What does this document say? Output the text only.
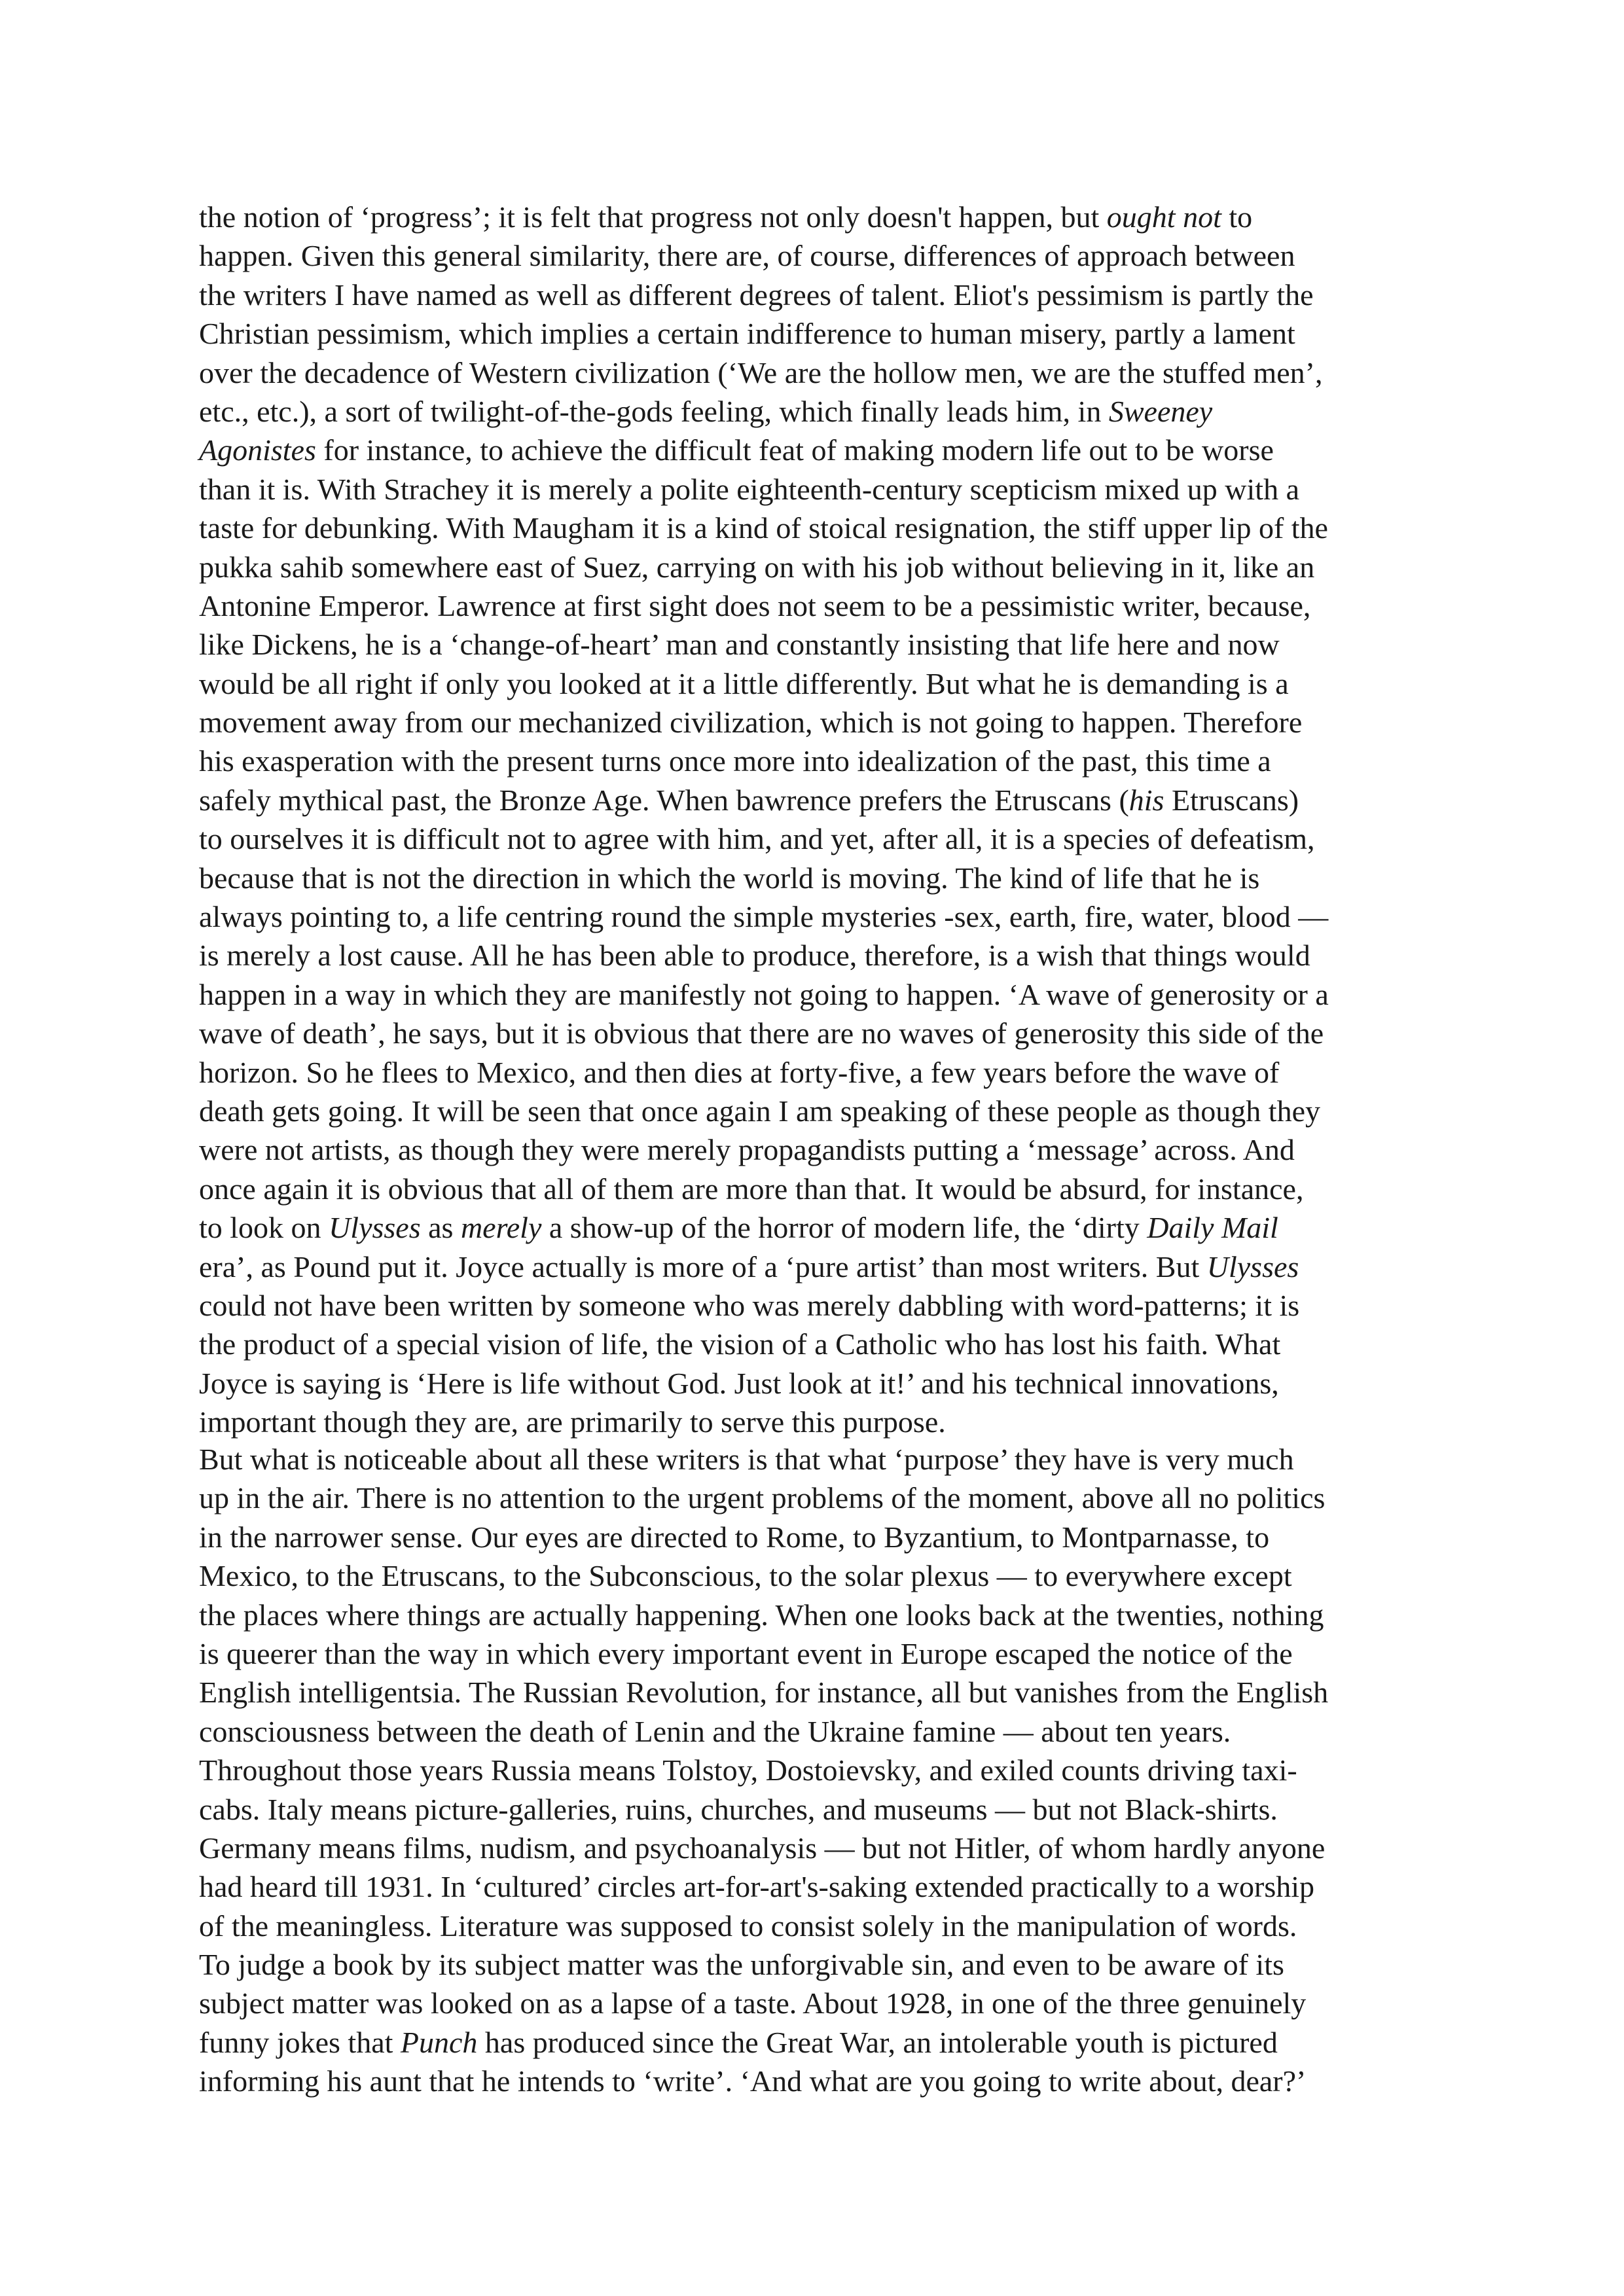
the notion of ‘progress’; it is felt that progress not only doesn't happen, but ought not to
happen. Given this general similarity, there are, of course, differences of approach between
the writers I have named as well as different degrees of talent. Eliot's pessimism is partly the
Christian pessimism, which implies a certain indifference to human misery, partly a lament
over the decadence of Western civilization (‘We are the hollow men, we are the stuffed men’,
etc., etc.), a sort of twilight-of-the-gods feeling, which finally leads him, in Sweeney
Agonistes for instance, to achieve the difficult feat of making modern life out to be worse
than it is. With Strachey it is merely a polite eighteenth-century scepticism mixed up with a
taste for debunking. With Maugham it is a kind of stoical resignation, the stiff upper lip of the
pukka sahib somewhere east of Suez, carrying on with his job without believing in it, like an
Antonine Emperor. Lawrence at first sight does not seem to be a pessimistic writer, because,
like Dickens, he is a ‘change-of-heart’ man and constantly insisting that life here and now
would be all right if only you looked at it a little differently. But what he is demanding is a
movement away from our mechanized civilization, which is not going to happen. Therefore
his exasperation with the present turns once more into idealization of the past, this time a
safely mythical past, the Bronze Age. When bawrence prefers the Etruscans (his Etruscans)
to ourselves it is difficult not to agree with him, and yet, after all, it is a species of defeatism,
because that is not the direction in which the world is moving. The kind of life that he is
always pointing to, a life centring round the simple mysteries -sex, earth, fire, water, blood —
is merely a lost cause. All he has been able to produce, therefore, is a wish that things would
happen in a way in which they are manifestly not going to happen. ‘A wave of generosity or a
wave of death’, he says, but it is obvious that there are no waves of generosity this side of the
horizon. So he flees to Mexico, and then dies at forty-five, a few years before the wave of
death gets going. It will be seen that once again I am speaking of these people as though they
were not artists, as though they were merely propagandists putting a ‘message’ across. And
once again it is obvious that all of them are more than that. It would be absurd, for instance,
to look on Ulysses as merely a show-up of the horror of modern life, the ‘dirty Daily Mail
era’, as Pound put it. Joyce actually is more of a ‘pure artist’ than most writers. But Ulysses
could not have been written by someone who was merely dabbling with word-patterns; it is
the product of a special vision of life, the vision of a Catholic who has lost his faith. What
Joyce is saying is ‘Here is life without God. Just look at it!’ and his technical innovations,
important though they are, are primarily to serve this purpose.
But what is noticeable about all these writers is that what ‘purpose’ they have is very much
up in the air. There is no attention to the urgent problems of the moment, above all no politics
in the narrower sense. Our eyes are directed to Rome, to Byzantium, to Montparnasse, to
Mexico, to the Etruscans, to the Subconscious, to the solar plexus — to everywhere except
the places where things are actually happening. When one looks back at the twenties, nothing
is queerer than the way in which every important event in Europe escaped the notice of the
English intelligentsia. The Russian Revolution, for instance, all but vanishes from the English
consciousness between the death of Lenin and the Ukraine famine — about ten years.
Throughout those years Russia means Tolstoy, Dostoievsky, and exiled counts driving taxi-
cabs. Italy means picture-galleries, ruins, churches, and museums — but not Black-shirts.
Germany means films, nudism, and psychoanalysis — but not Hitler, of whom hardly anyone
had heard till 1931. In ‘cultured’ circles art-for-art's-saking extended practically to a worship
of the meaningless. Literature was supposed to consist solely in the manipulation of words.
To judge a book by its subject matter was the unforgivable sin, and even to be aware of its
subject matter was looked on as a lapse of a taste. About 1928, in one of the three genuinely
funny jokes that Punch has produced since the Great War, an intolerable youth is pictured
informing his aunt that he intends to ‘write’. ‘And what are you going to write about, dear?’
